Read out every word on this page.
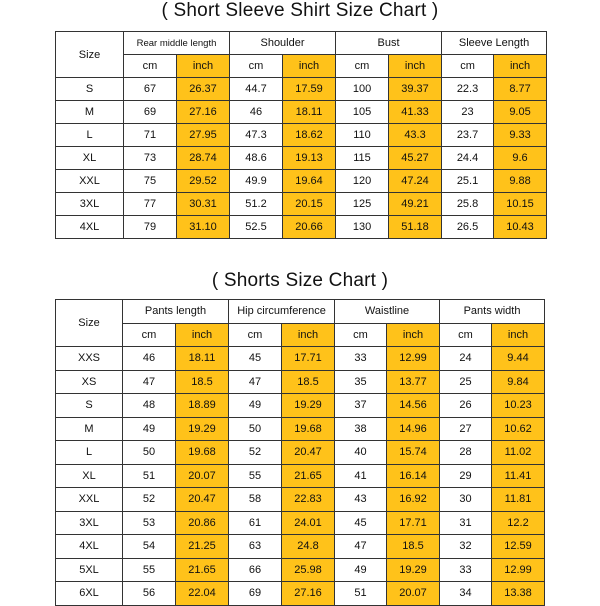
( Short Sleeve Shirt Size Chart )
Size	Rear middle length		Shoulder		Bust		Sleeve Length	
	cm	inch	cm	inch	cm	inch	cm	inch
S	67	26.37	44.7	17.59	100	39.37	22.3	8.77
M	69	27.16	46	18.11	105	41.33	23	9.05
L	71	27.95	47.3	18.62	110	43.3	23.7	9.33
XL	73	28.74	48.6	19.13	115	45.27	24.4	9.6
XXL	75	29.52	49.9	19.64	120	47.24	25.1	9.88
3XL	77	30.31	51.2	20.15	125	49.21	25.8	10.15
4XL	79	31.10	52.5	20.66	130	51.18	26.5	10.43
( Shorts Size Chart )
Size	Pants length		Hip circumference		Waistline		Pants width	
	cm	inch	cm	inch	cm	inch	cm	inch
XXS	46	18.11	45	17.71	33	12.99	24	9.44
XS	47	18.5	47	18.5	35	13.77	25	9.84
S	48	18.89	49	19.29	37	14.56	26	10.23
M	49	19.29	50	19.68	38	14.96	27	10.62
L	50	19.68	52	20.47	40	15.74	28	11.02
XL	51	20.07	55	21.65	41	16.14	29	11.41
XXL	52	20.47	58	22.83	43	16.92	30	11.81
3XL	53	20.86	61	24.01	45	17.71	31	12.2
4XL	54	21.25	63	24.8	47	18.5	32	12.59
5XL	55	21.65	66	25.98	49	19.29	33	12.99
6XL	56	22.04	69	27.16	51	20.07	34	13.38
